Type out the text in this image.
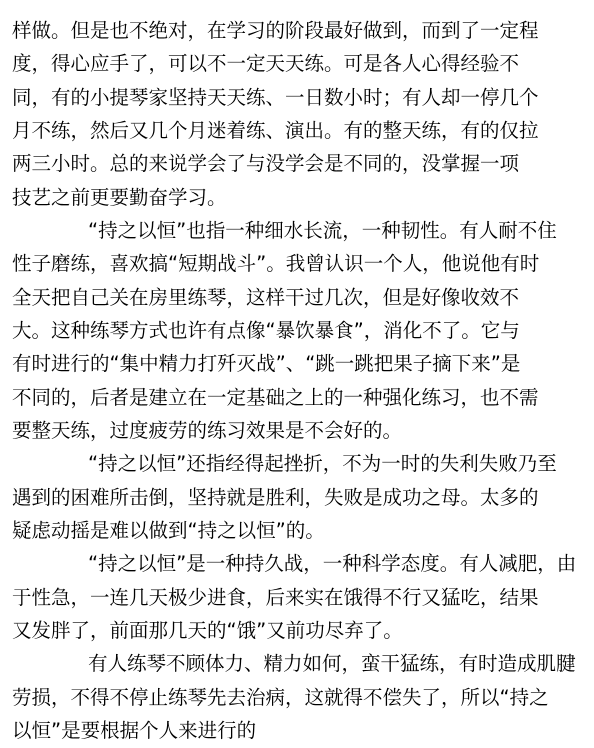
样做。但是也不绝对，在学习的阶段最好做到，而到了一定程
度，得心应手了，可以不一定天天练。可是各人心得经验不
同，有的小提琴家坚持天天练、一日数小时；有人却一停几个
月不练，然后又几个月迷着练、演出。有的整天练，有的仅拉
两三小时。总的来说学会了与没学会是不同的，没掌握一项
技艺之前更要勤奋学习。
“持之以恒”也指一种细水长流，一种韧性。有人耐不住
性子磨练，喜欢搞“短期战斗”。我曾认识一个人，他说他有时
全天把自己关在房里练琴，这样干过几次，但是好像收效不
大。这种练琴方式也许有点像“暴饮暴食”，消化不了。它与
有时进行的“集中精力打歼灭战”、“跳一跳把果子摘下来”是
不同的，后者是建立在一定基础之上的一种强化练习，也不需
要整天练，过度疲劳的练习效果是不会好的。
“持之以恒”还指经得起挫折，不为一时的失利失败乃至
遇到的困难所击倒，坚持就是胜利，失败是成功之母。太多的
疑虑动摇是难以做到“持之以恒”的。
“持之以恒”是一种持久战，一种科学态度。有人减肥，由
于性急，一连几天极少进食，后来实在饿得不行又猛吃，结果
又发胖了，前面那几天的“饿”又前功尽弃了。
有人练琴不顾体力、精力如何，蛮干猛练，有时造成肌腱
劳损，不得不停止练琴先去治病，这就得不偿失了，所以“持之
以恒”是要根据个人来进行的
